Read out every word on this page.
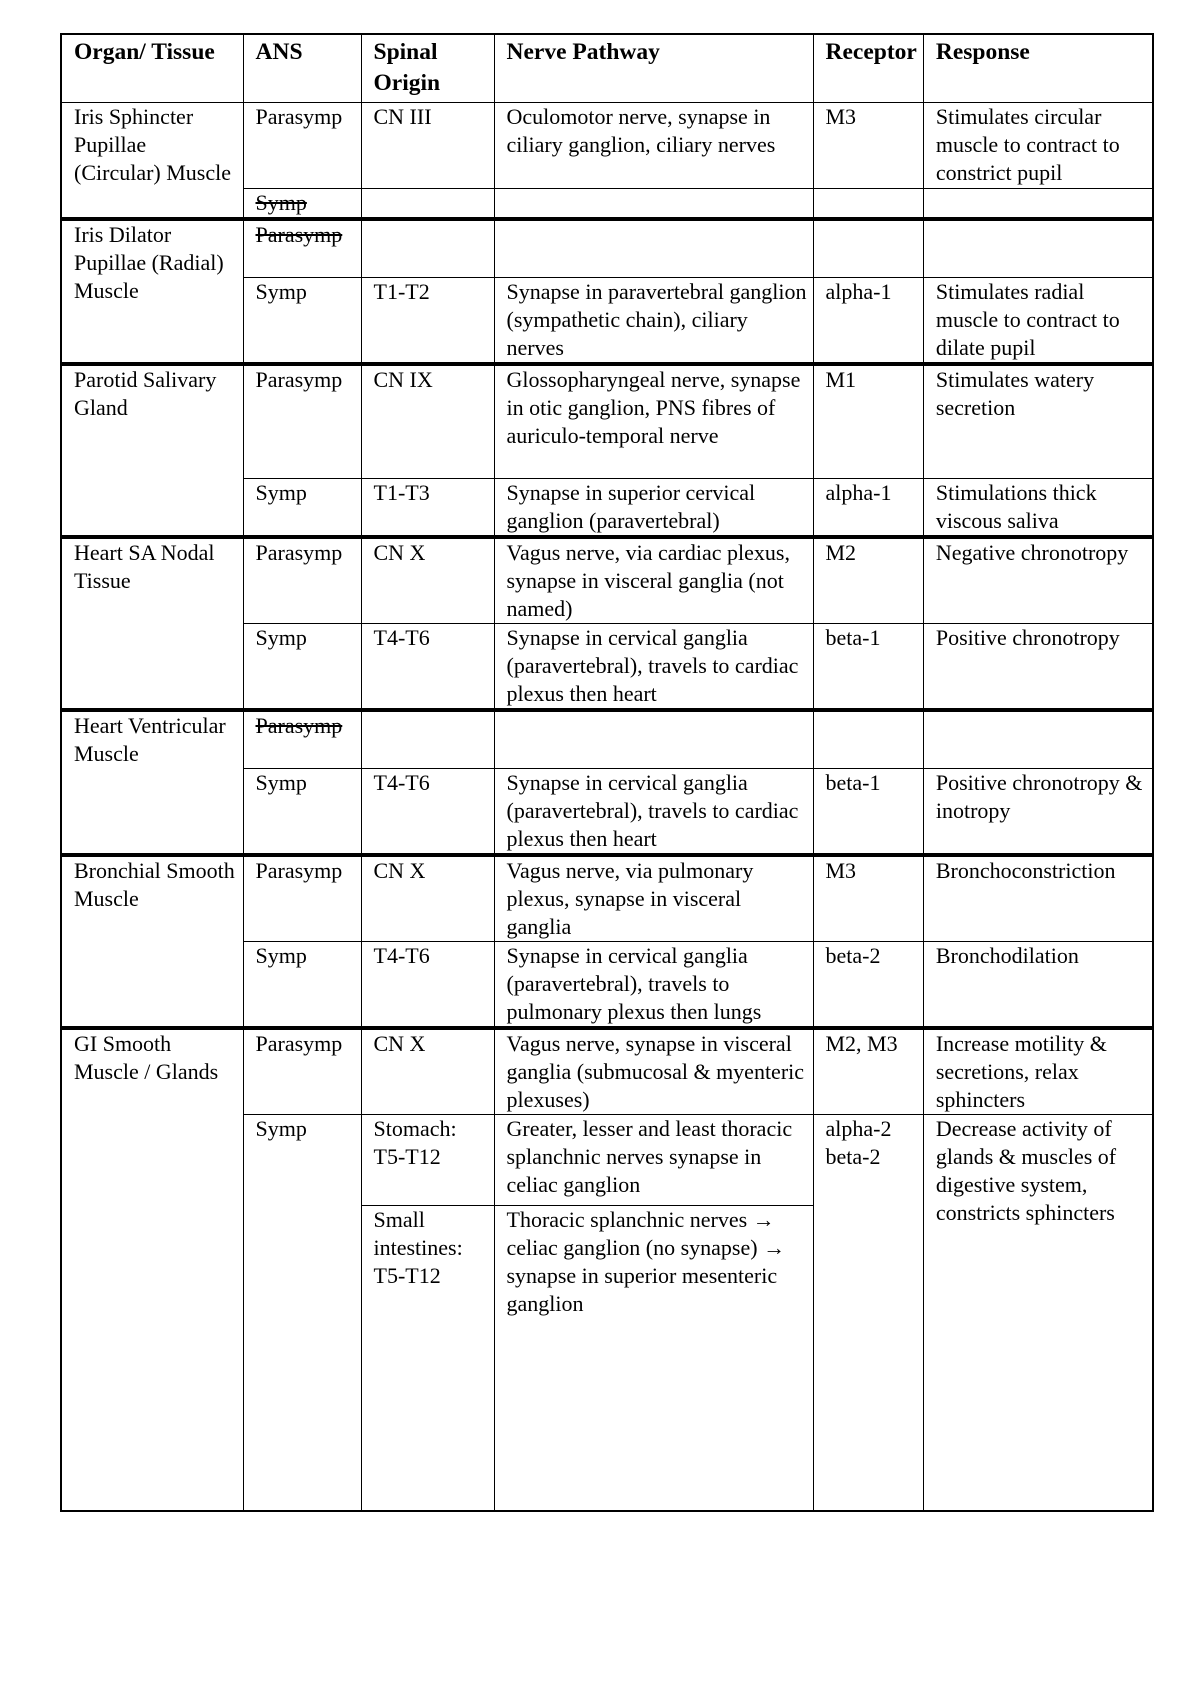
Organ/ Tissue	ANS	Spinal Origin	Nerve Pathway	Receptor	Response
Iris Sphincter Pupillae (Circular) Muscle	Parasymp	CN III	Oculomotor nerve, synapse in ciliary ganglion, ciliary nerves	M3	Stimulates circular muscle to contract to constrict pupil
	Symp				
Iris Dilator Pupillae (Radial) Muscle	Parasymp				
	Symp	T1-T2	Synapse in paravertebral ganglion (sympathetic chain), ciliary nerves	alpha-1	Stimulates radial muscle to contract to dilate pupil
Parotid Salivary Gland	Parasymp	CN IX	Glossopharyngeal nerve, synapse in otic ganglion, PNS fibres of auriculo-temporal nerve	M1	Stimulates watery secretion
	Symp	T1-T3	Synapse in superior cervical ganglion (paravertebral)	alpha-1	Stimulations thick viscous saliva
Heart SA Nodal Tissue	Parasymp	CN X	Vagus nerve, via cardiac plexus, synapse in visceral ganglia (not named)	M2	Negative chronotropy
	Symp	T4-T6	Synapse in cervical ganglia (paravertebral), travels to cardiac plexus then heart	beta-1	Positive chronotropy
Heart Ventricular Muscle	Parasymp				
	Symp	T4-T6	Synapse in cervical ganglia (paravertebral), travels to cardiac plexus then heart	beta-1	Positive chronotropy & inotropy
Bronchial Smooth Muscle	Parasymp	CN X	Vagus nerve, via pulmonary plexus, synapse in visceral ganglia	M3	Bronchoconstriction
	Symp	T4-T6	Synapse in cervical ganglia (paravertebral), travels to pulmonary plexus then lungs	beta-2	Bronchodilation
GI Smooth Muscle / Glands	Parasymp	CN X	Vagus nerve, synapse in visceral ganglia (submucosal & myenteric plexuses)	M2, M3	Increase motility & secretions, relax sphincters
	Symp	Stomach: T5-T12	Greater, lesser and least thoracic splanchnic nerves synapse in celiac ganglion	alpha-2 beta-2	Decrease activity of glands & muscles of digestive system, constricts sphincters
		Small intestines: T5-T12	Thoracic splanchnic nerves → celiac ganglion (no synapse) → synapse in superior mesenteric ganglion		
